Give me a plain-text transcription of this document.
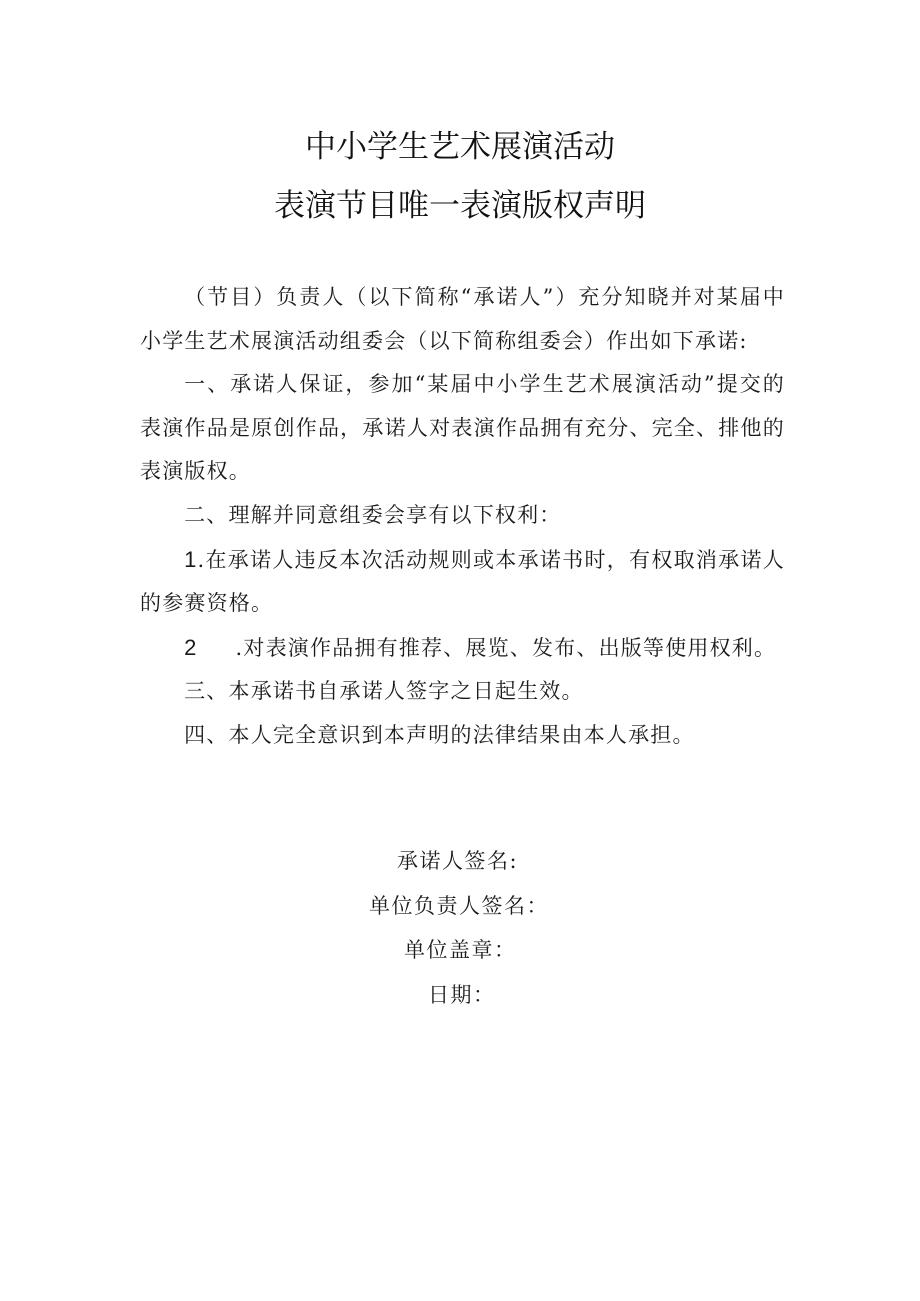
中小学生艺术展演活动
表演节目唯一表演版权声明

（节目）负责人（以下简称“承诺人”）充分知晓并对某届中小学生艺术展演活动组委会（以下简称组委会）作出如下承诺:

一、承诺人保证，参加“某届中小学生艺术展演活动”提交的表演作品是原创作品，承诺人对表演作品拥有充分、完全、排他的表演版权。

二、理解并同意组委会享有以下权利：

1.在承诺人违反本次活动规则或本承诺书时，有权取消承诺人的参赛资格。

2 .对表演作品拥有推荐、展览、发布、出版等使用权利。

三、本承诺书自承诺人签字之日起生效。

四、本人完全意识到本声明的法律结果由本人承担。

承诺人签名:
单位负责人签名：
单位盖章：
日期：
